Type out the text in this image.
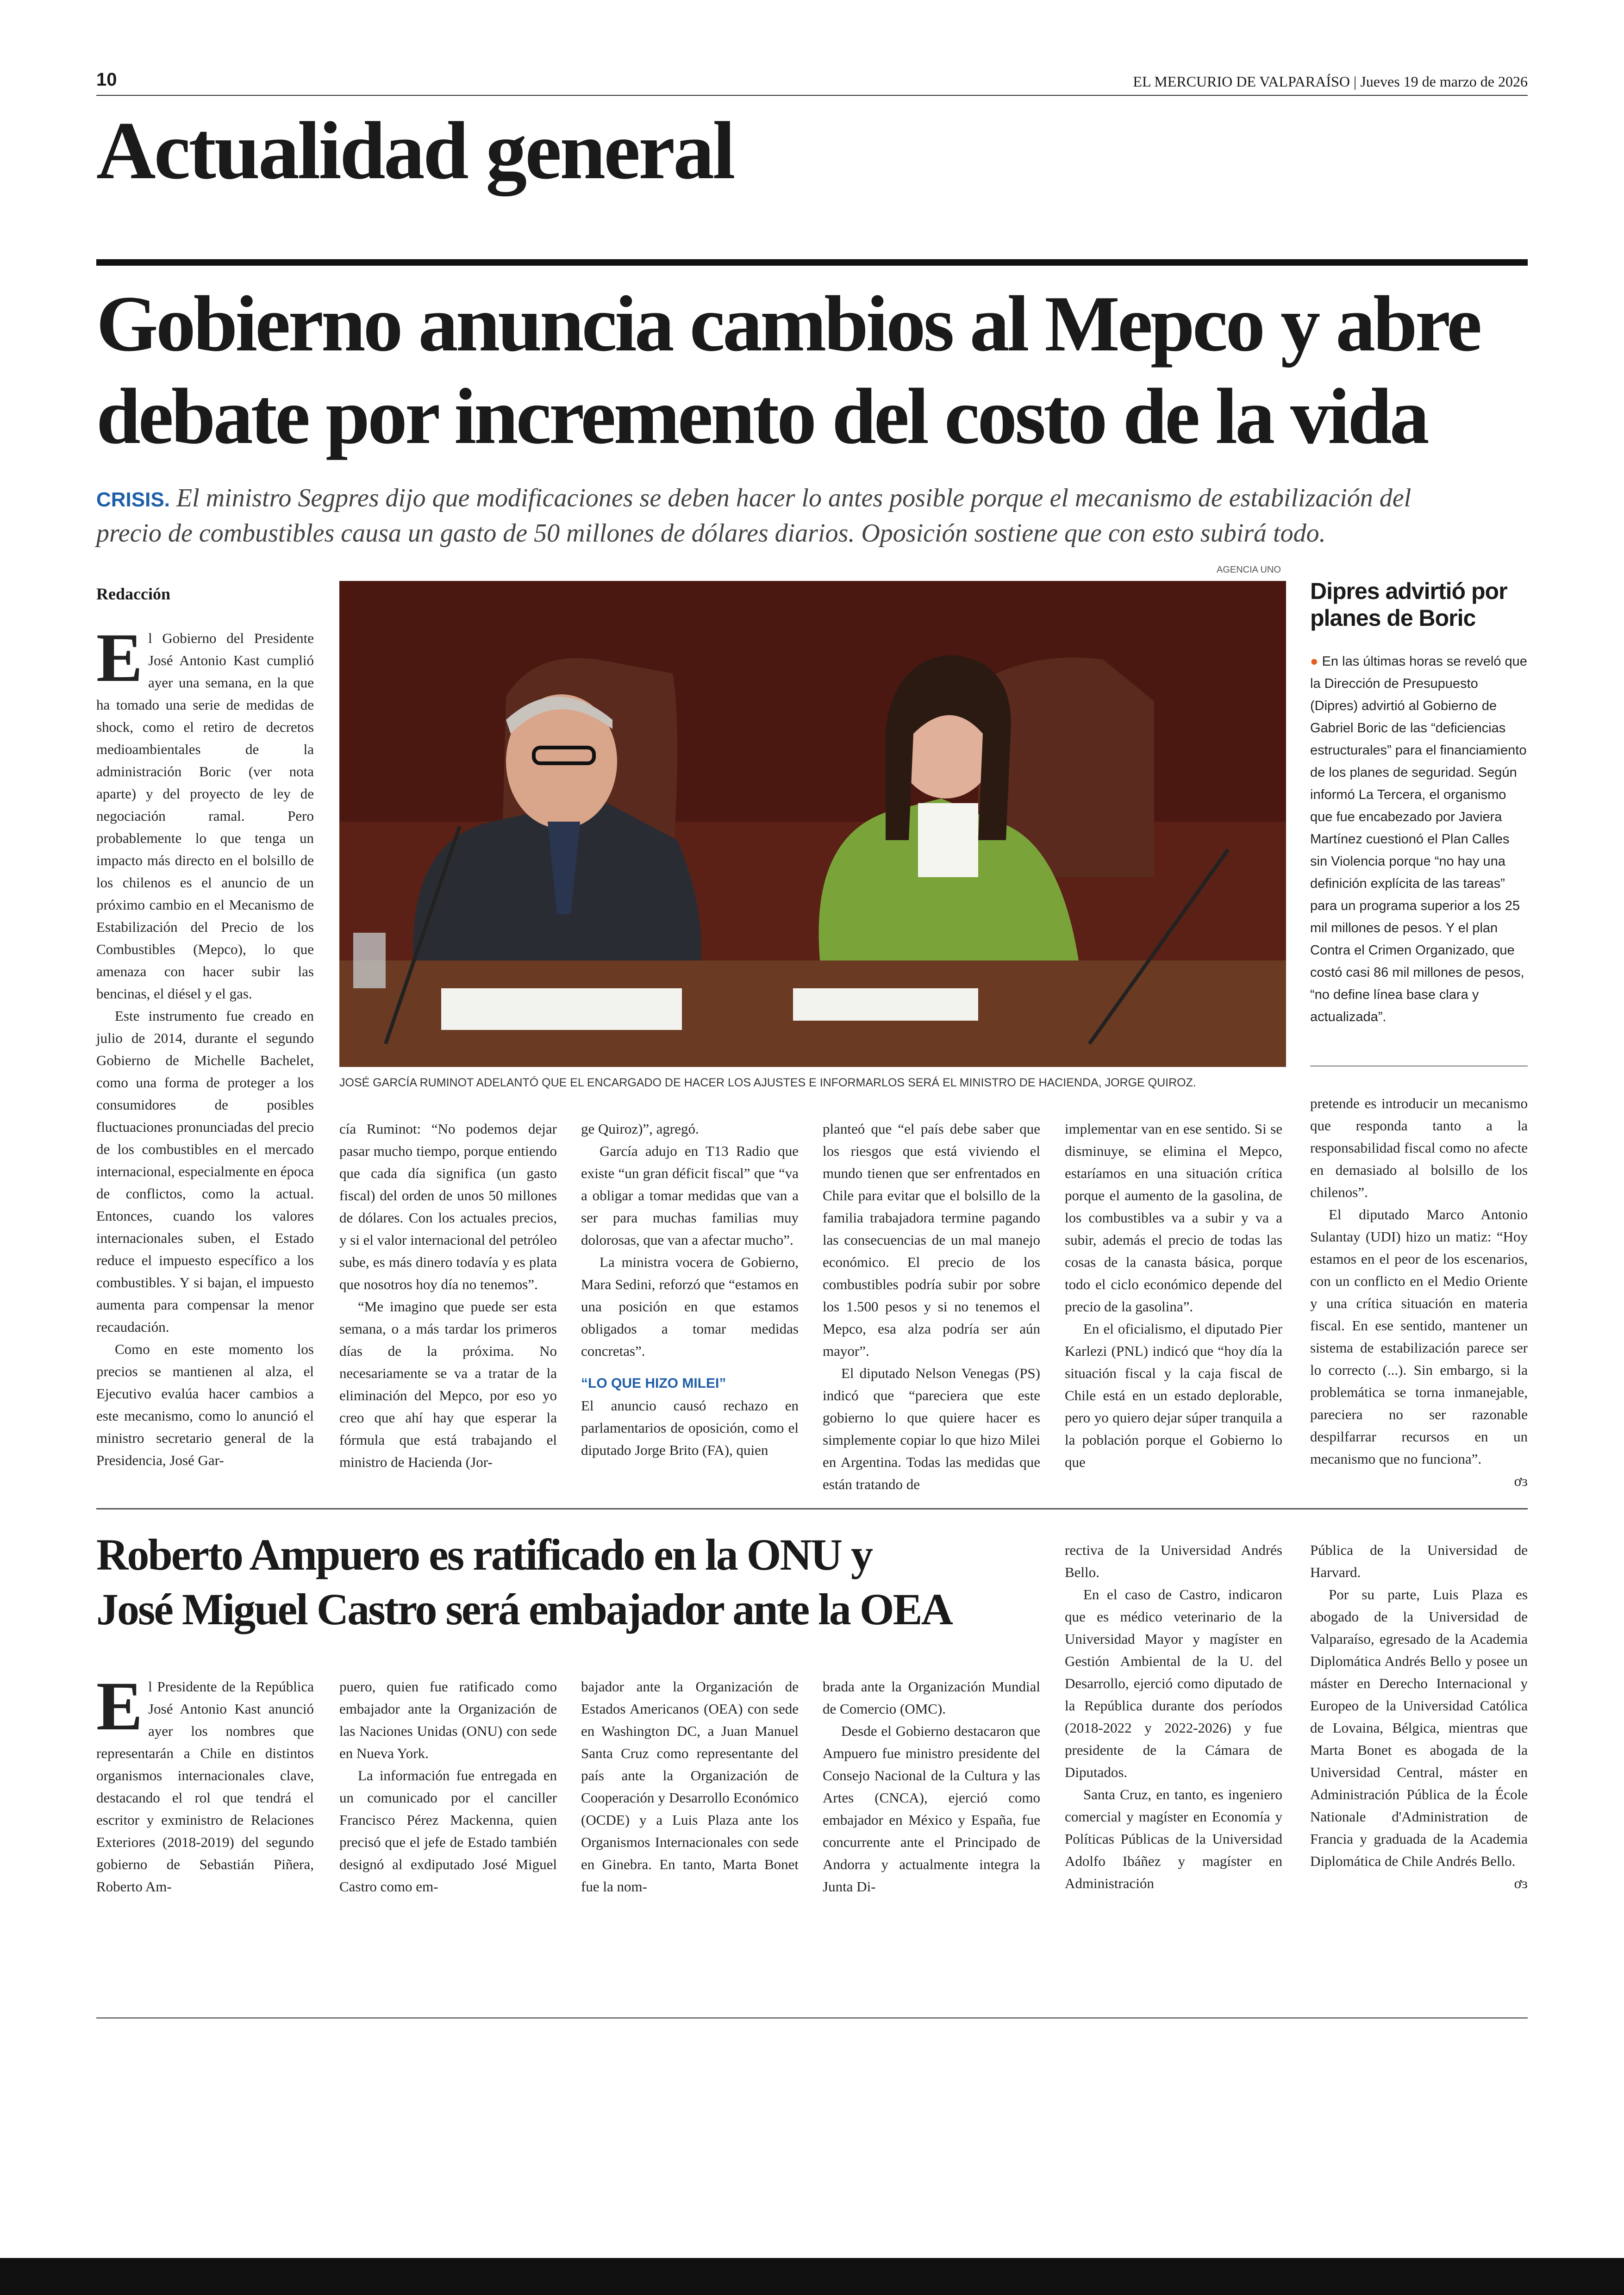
10	EL MERCURIO DE VALPARAÍSO | Jueves 19 de marzo de 2026
Actualidad general
Gobierno anuncia cambios al Mepco y abre
debate por incremento del costo de la vida
CRISIS. El ministro Segpres dijo que modificaciones se deben hacer lo antes posible porque el mecanismo de estabilización del
precio de combustibles causa un gasto de 50 millones de dólares diarios. Oposición sostiene que con esto subirá todo.
AGENCIA UNO
Redacción

El Gobierno del Presidente José Antonio Kast cumplió ayer una semana, en la que ha tomado una serie de medidas de shock, como el retiro de decretos medioambientales de la administración Boric (ver nota aparte) y del proyecto de ley de negociación ramal. Pero probablemente lo que tenga un impacto más directo en el bolsillo de los chilenos es el anuncio de un próximo cambio en el Mecanismo de Estabilización del Precio de los Combustibles (Mepco), lo que amenaza con hacer subir las bencinas, el diésel y el gas.

Este instrumento fue creado en julio de 2014, durante el segundo Gobierno de Michelle Bachelet, como una forma de proteger a los consumidores de posibles fluctuaciones pronunciadas del precio de los combustibles en el mercado internacional, especialmente en época de conflictos, como la actual. Entonces, cuando los valores internacionales suben, el Estado reduce el impuesto específico a los combustibles. Y si bajan, el impuesto aumenta para compensar la menor recaudación.

Como en este momento los precios se mantienen al alza, el Ejecutivo evalúa hacer cambios a este mecanismo, como lo anunció el ministro secretario general de la Presidencia, José Gar-

JOSÉ GARCÍA RUMINOT ADELANTÓ QUE EL ENCARGADO DE HACER LOS AJUSTES E INFORMARLOS SERÁ EL MINISTRO DE HACIENDA, JORGE QUIROZ.

cía Ruminot: “No podemos dejar pasar mucho tiempo, porque entiendo que cada día significa (un gasto fiscal) del orden de unos 50 millones de dólares. Con los actuales precios, y si el valor internacional del petróleo sube, es más dinero todavía y es plata que nosotros hoy día no tenemos”.

“Me imagino que puede ser esta semana, o a más tardar los primeros días de la próxima. No necesariamente se va a tratar de la eliminación del Mepco, por eso yo creo que ahí hay que esperar la fórmula que está trabajando el ministro de Hacienda (Jor-

ge Quiroz)”, agregó.

García adujo en T13 Radio que existe “un gran déficit fiscal” que “va a obligar a tomar medidas que van a ser para muchas familias muy dolorosas, que van a afectar mucho”.

La ministra vocera de Gobierno, Mara Sedini, reforzó que “estamos en una posición en que estamos obligados a tomar medidas concretas”.

“LO QUE HIZO MILEI”

El anuncio causó rechazo en parlamentarios de oposición, como el diputado Jorge Brito (FA), quien

planteó que “el país debe saber que los riesgos que está viviendo el mundo tienen que ser enfrentados en Chile para evitar que el bolsillo de la familia trabajadora termine pagando las consecuencias de un mal manejo económico. El precio de los combustibles podría subir por sobre los 1.500 pesos y si no tenemos el Mepco, esa alza podría ser aún mayor”.

El diputado Nelson Venegas (PS) indicó que “pareciera que este gobierno lo que quiere hacer es simplemente copiar lo que hizo Milei en Argentina. Todas las medidas que están tratando de

implementar van en ese sentido. Si se disminuye, se elimina el Mepco, estaríamos en una situación crítica porque el aumento de la gasolina, de los combustibles va a subir y va a subir, además el precio de todas las cosas de la canasta básica, porque todo el ciclo económico depende del precio de la gasolina”.

En el oficialismo, el diputado Pier Karlezi (PNL) indicó que “hoy día la situación fiscal y la caja fiscal de Chile está en un estado deplorable, pero yo quiero dejar súper tranquila a la población porque el Gobierno lo que

Dipres advirtió por
planes de Boric
● En las últimas horas se reveló que la Dirección de Presupuesto (Dipres) advirtió al Gobierno de Gabriel Boric de las “deficiencias estructurales” para el financiamiento de los planes de seguridad. Según informó La Tercera, el organismo que fue encabezado por Javiera Martínez cuestionó el Plan Calles sin Violencia porque “no hay una definición explícita de las tareas” para un programa superior a los 25 mil millones de pesos. Y el plan Contra el Crimen Organizado, que costó casi 86 mil millones de pesos, “no define línea base clara y actualizada”.

pretende es introducir un mecanismo que responda tanto a la responsabilidad fiscal como no afecte en demasiado al bolsillo de los chilenos”.

El diputado Marco Antonio Sulantay (UDI) hizo un matiz: “Hoy estamos en el peor de los escenarios, con un conflicto en el Medio Oriente y una crítica situación en materia fiscal. En ese sentido, mantener un sistema de estabilización parece ser lo correcto (...). Sin embargo, si la problemática se torna inmanejable, pareciera no ser razonable despilfarrar recursos en un mecanismo que no funciona”.

ơɜ
Roberto Ampuero es ratificado en la ONU y
José Miguel Castro será embajador ante la OEA

El Presidente de la República José Antonio Kast anunció ayer los nombres que representarán a Chile en distintos organismos internacionales clave, destacando el rol que tendrá el escritor y exministro de Relaciones Exteriores (2018-2019) del segundo gobierno de Sebastián Piñera, Roberto Am-

puero, quien fue ratificado como embajador ante la Organización de las Naciones Unidas (ONU) con sede en Nueva York.

La información fue entregada en un comunicado por el canciller Francisco Pérez Mackenna, quien precisó que el jefe de Estado también designó al exdiputado José Miguel Castro como em-

bajador ante la Organización de Estados Americanos (OEA) con sede en Washington DC, a Juan Manuel Santa Cruz como representante del país ante la Organización de Cooperación y Desarrollo Económico (OCDE) y a Luis Plaza ante los Organismos Internacionales con sede en Ginebra. En tanto, Marta Bonet fue la nom-

brada ante la Organización Mundial de Comercio (OMC).

Desde el Gobierno destacaron que Ampuero fue ministro presidente del Consejo Nacional de la Cultura y las Artes (CNCA), ejerció como embajador en México y España, fue concurrente ante el Principado de Andorra y actualmente integra la Junta Di-

rectiva de la Universidad Andrés Bello.

En el caso de Castro, indicaron que es médico veterinario de la Universidad Mayor y magíster en Gestión Ambiental de la U. del Desarrollo, ejerció como diputado de la República durante dos períodos (2018-2022 y 2022-2026) y fue presidente de la Cámara de Diputados.

Santa Cruz, en tanto, es ingeniero comercial y magíster en Economía y Políticas Públicas de la Universidad Adolfo Ibáñez y magíster en Administración

Pública de la Universidad de Harvard.

Por su parte, Luis Plaza es abogado de la Universidad de Valparaíso, egresado de la Academia Diplomática Andrés Bello y posee un máster en Derecho Internacional y Europeo de la Universidad Católica de Lovaina, Bélgica, mientras que Marta Bonet es abogada de la Universidad Central, máster en Administración Pública de la École Nationale d'Administration de Francia y graduada de la Academia Diplomática de Chile Andrés Bello.

ơɜ
